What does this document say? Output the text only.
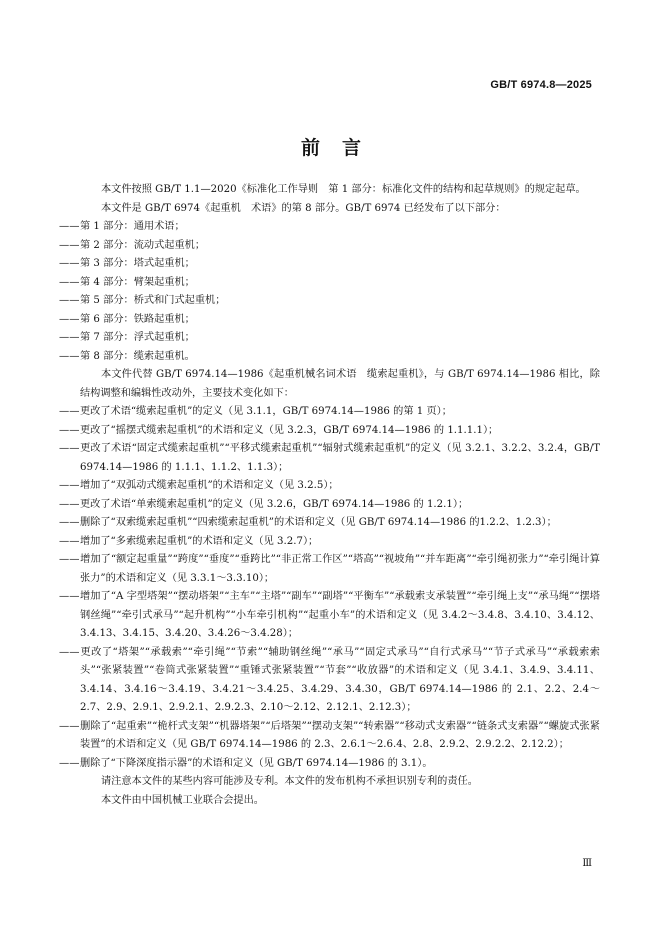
GB/T 6974.8—2025
前言

本文件按照 GB/T 1.1—2020《标准化工作导则　第 1 部分：标准化文件的结构和起草规则》的规定起草。

本文件是 GB/T 6974《起重机　术语》的第 8 部分。GB/T 6974 已经发布了以下部分：

——第 1 部分：通用术语；

——第 2 部分：流动式起重机；

——第 3 部分：塔式起重机；

——第 4 部分：臂架起重机；

——第 5 部分：桥式和门式起重机；

——第 6 部分：铁路起重机；

——第 7 部分：浮式起重机；

——第 8 部分：缆索起重机。

本文件代替 GB/T 6974.14—1986《起重机械名词术语　缆索起重机》，与 GB/T 6974.14—1986 相比，除结构调整和编辑性改动外，主要技术变化如下：

——更改了术语“缆索起重机”的定义（见 3.1.1，GB/T 6974.14—1986 的第 1 页）；

——更改了“摇摆式缆索起重机”的术语和定义（见 3.2.3，GB/T 6974.14—1986 的 1.1.1.1）；

——更改了术语“固定式缆索起重机”“平移式缆索起重机”“辐射式缆索起重机”的定义（见 3.2.1、3.2.2、3.2.4，GB/T 6974.14—1986 的 1.1.1、1.1.2、1.1.3）；

——增加了“双弧动式缆索起重机”的术语和定义（见 3.2.5）；

——更改了术语“单索缆索起重机”的定义（见 3.2.6，GB/T 6974.14—1986 的 1.2.1）；

——删除了“双索缆索起重机”“四索缆索起重机”的术语和定义（见 GB/T 6974.14—1986 的1.2.2、1.2.3）；

——增加了“多索缆索起重机”的术语和定义（见 3.2.7）；

——增加了“额定起重量”“跨度”“垂度”“垂跨比”“非正常工作区”“塔高”“视坡角”“并车距离”“牵引绳初张力”“牵引绳计算张力”的术语和定义（见 3.3.1～3.3.10）；

——增加了“A 字型塔架”“摆动塔架”“主车”“主塔”“副车”“副塔”“平衡车”“承载索支承装置”“牵引绳上支”“承马绳”“摆塔钢丝绳”“牵引式承马”“起升机构”“小车牵引机构”“起重小车”的术语和定义（见 3.4.2～3.4.8、3.4.10、3.4.12、3.4.13、3.4.15、3.4.20、3.4.26～3.4.28）；

——更改了“塔架”“承载索”“牵引绳”“节索”“辅助钢丝绳”“承马”“固定式承马”“自行式承马”“节子式承马”“承载索索头”“张紧装置”“卷筒式张紧装置”“重锤式张紧装置”“节套”“收放器”的术语和定义（见 3.4.1、3.4.9、3.4.11、3.4.14、3.4.16～3.4.19、3.4.21～3.4.25、3.4.29、3.4.30，GB/T 6974.14—1986 的 2.1、2.2、2.4～2.7、2.9、2.9.1、2.9.2.1、2.9.2.3、2.10～2.12、2.12.1、2.12.3）；

——删除了“起重索”“桅杆式支架”“机器塔架”“后塔架”“摆动支架”“转索器”“移动式支索器”“链条式支索器”“螺旋式张紧装置”的术语和定义（见 GB/T 6974.14—1986 的 2.3、2.6.1～2.6.4、2.8、2.9.2、2.9.2.2、2.12.2）；

——删除了“下降深度指示器”的术语和定义（见 GB/T 6974.14—1986 的 3.1）。

请注意本文件的某些内容可能涉及专利。本文件的发布机构不承担识别专利的责任。

本文件由中国机械工业联合会提出。

Ⅲ
